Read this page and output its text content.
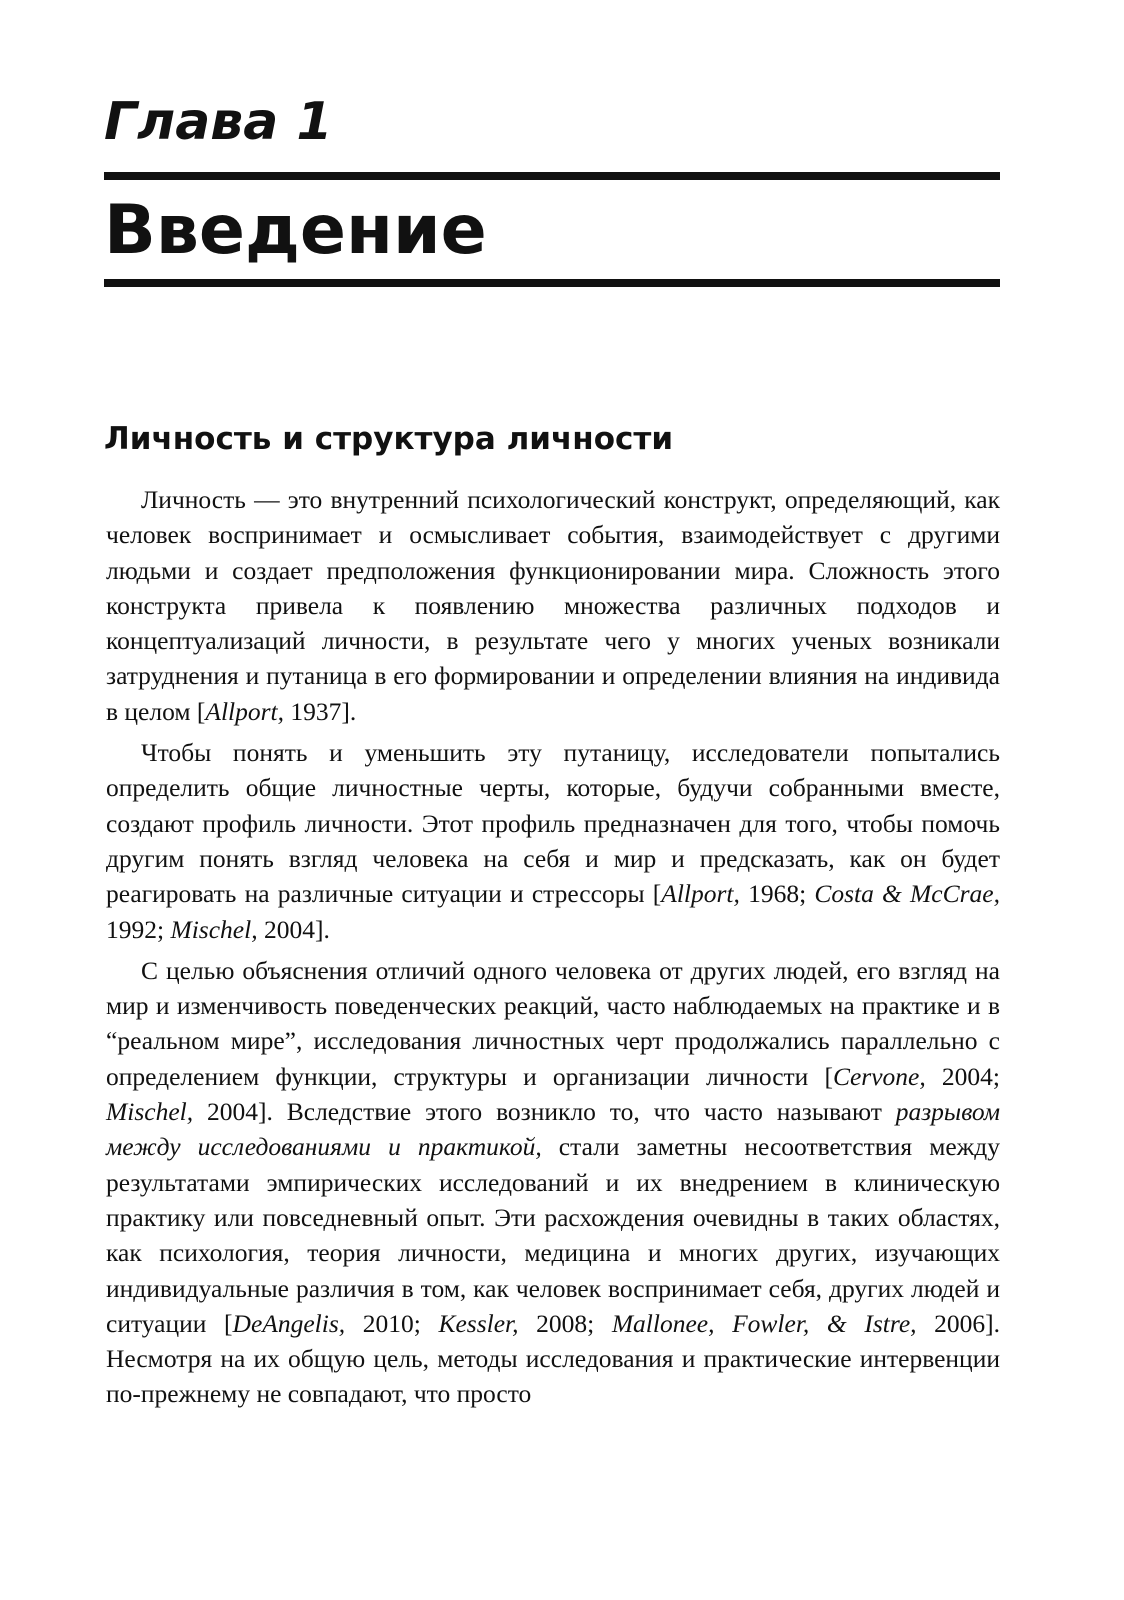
Глава 1
Введение
Личность и структура личности

Личность — это внутренний психологический конструкт, определяющий, как человек воспринимает и осмысливает события, взаимодействует с другими людьми и создает предположения функционировании мира. Сложность этого конструкта привела к появлению множества различных подходов и концептуализаций личности, в результате чего у многих ученых возникали затруднения и путаница в его формировании и определении влияния на индивида в целом [Allport, 1937].

Чтобы понять и уменьшить эту путаницу, исследователи попытались определить общие личностные черты, которые, будучи собранными вместе, создают профиль личности. Этот профиль предназначен для того, чтобы помочь другим понять взгляд человека на себя и мир и предсказать, как он будет реагировать на различные ситуации и стрессоры [Allport, 1968; Costa & McCrae, 1992; Mischel, 2004].

С целью объяснения отличий одного человека от других людей, его взгляд на мир и изменчивость поведенческих реакций, часто наблюдаемых на практике и в “реальном мире”, исследования личностных черт продолжались параллельно с определением функции, структуры и организации личности [Cervone, 2004; Mischel, 2004]. Вследствие этого возникло то, что часто называют разрывом между исследованиями и практикой, стали заметны несоответствия между результатами эмпирических исследований и их внедрением в клиническую практику или повседневный опыт. Эти расхождения очевидны в таких областях, как психология, теория личности, медицина и многих других, изучающих индивидуальные различия в том, как человек воспринимает себя, других людей и ситуации [DeAngelis, 2010; Kessler, 2008; Mallonee, Fowler, & Istre, 2006]. Несмотря на их общую цель, методы исследования и практические интервенции по-прежнему не совпадают, что просто
